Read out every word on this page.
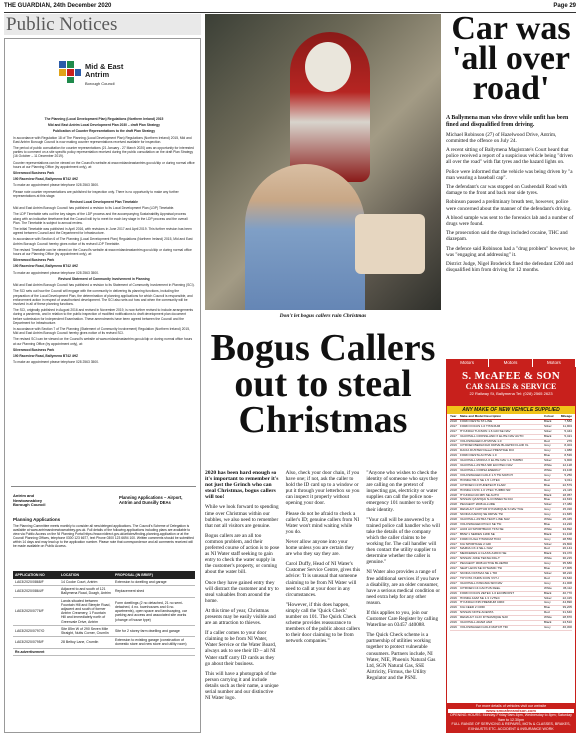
THE GUARDIAN, 24th December 2020	Page 29
Public Notices
Mid & East
Antrim
Borough Council

The Planning (Local Development Plan) Regulations (Northern Ireland) 2015

Mid and East Antrim Local Development Plan 2030 – draft Plan Strategy

Publication of Counter Representations to the draft Plan Strategy

In accordance with Regulation 18 of The Planning (Local Development Plan) Regulations (Northern Ireland) 2015, Mid and East Antrim Borough Council is now making counter representations received available for inspection.

The period of public consultation for counter representations (21 January - 27 March 2020) was an opportunity for interested parties to comment on a site specific policy representation received during the public consultation on the draft Plan Strategy (16 October – 11 December 2019).

Counter representations can be viewed on the Council's website at www.midandeastantrim.gov.uk/ldp or during normal office hours at our Planning Office (by appointment only), at:

Silverwood Business Park

190 Raceview Road, Ballymena BT42 4HZ

To make an appointment please telephone 028 2563 3500.

Please note counter representations are published for inspection only. There is no opportunity to make any further representations at this stage.

Revised Local Development Plan Timetable

Mid and East Antrim Borough Council has published a revision to its Local Development Plan (LDP) Timetable.

The LDP Timetable sets out the key stages of the LDP process and the accompanying Sustainability Appraisal process along with an indicative timeframe that the Council will try to meet for each key stage in the LDP process and the overall Plan. The Timetable is subject to annual review.

The initial Timetable was published in April 2016, with revisions in June 2017 and April 2019. This further revision has been agreed between Council and the Department for Infrastructure.

In accordance with Section 6 of The Planning (Local Development Plan) Regulations (Northern Ireland) 2015, Mid and East Antrim Borough Council hereby gives notice of its revised LDP Timetable.

The revised Timetable can be viewed on the Council's website at www.midandeastantrim.gov.uk/ldp or during normal office hours at our Planning Office (by appointment only), at:

Silverwood Business Park

190 Raceview Road, Ballymena BT42 4HZ

To make an appointment please telephone 028 2563 3500.

Revised Statement of Community Involvement in Planning

Mid and East Antrim Borough Council has published a revision to its Statement of Community Involvement in Planning (SCI).

The SCI sets out how the Council will engage with the community in delivering its planning functions, including the preparation of the Local Development Plan, the determination of planning applications for which Council is responsible, and enforcement action in respect of unauthorised development. The SCI also sets out how and when the community will be involved in all of these planning functions.

The SCI, originally published in August 2016 and revised in November 2019, is now further revised to include arrangements during a pandemic, and in relation to the public inspection of modified notifications to draft development plan document before submission for Independent Examination. These amendments have been agreed between the Council and the Department for Infrastructure.

In accordance with Section 7 of The Planning (Statement of Community Involvement) Regulation (Northern Ireland) 2015, Mid and East Antrim Borough Council hereby gives notice of its revised SCI.

The revised SCI can be viewed on the Council's website at www.midandeastantrim.gov.uk/ldp or during normal office hours at our Planning Office (by appointment only), at:

Silverwood Business Park

190 Raceview Road, Ballymena BT42 4HZ

To make an appointment please telephone 028 2563 3500.

Antrim and
Newtownabbey
Borough Council
Planning Applications – Airport, Antrim and Dunsilly DEAs
Planning Applications
The Planning Committee meets monthly to consider all new/deleged applications. The Council's Scheme of Delegation is available at www.antrimandnewtownabbey.gov.uk. Full details of the following applications including plans are available to view via Public Access on the NI Planning Portal https://www.nidirect.gov.uk/articles/finding-planning-application or at the Council Planning Offices, telephone 0300 123 6677, text Phone 0300 123 6694 100. Written comments should be submitted within 14 days and may lead up to the application number. Please note that correspondence and all comments received will be made available on Public Access.
APPLICATION NO	LOCATION	PROPOSAL (IN BRIEF)
LA03/2020/0868/F	14 Cooke Court, Antrim	Extension to dwelling and garage
LA03/2020/0864/F	Adjacent to and south of 121 Ballymena Road, Doagh, Antrim	Replacement shed
LA03/2020/0776/F	Lands situated between Fountain Hill and Steeple Road, adjacent and south of former Antrim Creamery, 1 Fountain Hill and immediately north of Greenvale Drive, Antrim	Form dwellings (2 no detached, 21 no semi-detached, 4 no. townhouses and 6 no. apartments), open space and landscaping, car parking and access and associated site works (change of house type)
LA03/2020/0797/O	Site 85m W of 290 Seven Mile Straight, Nutts Corner, Crumlin	Site for 2 storey farm dwelling and garage
LA03/2020/0795/F	28 Beltoy Lane, Crumlin	Extension to existing garage (construction of domestic store and new store and utility room)
Re-advertisement		
Don't let bogus callers ruin Christmas
Bogus Callers
out to steal
Christmas

2020 has been hard enough so it's important to remember it's not just the Grinch who can steal Christmas, bogus callers will too!

While we look forward to spending time over Christmas within our bubbles, we also need to remember that not all visitors are genuine.

Bogus callers are an all too common problem, and their preferred course of action is to pose as NI Water staff seeking to gain entry to check the water supply in the customer's property, or coming about the water bill.

Once they have gained entry they will distract the customer and try to steal valuables from around the home.

At this time of year, Christmas presents may be easily visible and are an attraction to thieves.

If a caller comes to your door claiming to be from NI Water, Water Service or the Water Board, always ask to see their ID – all NI Water staff carry ID cards as they go about their business.

This will have a photograph of the person carrying it and include details such as their name, a unique serial number and our distinctive NI Water logo.

Also, check your door chain, if you have one; if not, ask the caller to hold the ID card up to a window or put it through your letterbox so you can inspect it properly without opening your door.

Please do not be afraid to check a caller's ID; genuine callers from NI Water won't mind waiting while you do.

Never allow anyone into your home unless you are certain they are who they say they are.

Carol Duffy, Head of NI Water's Customer Service Centre, gives this advice: 'It is unusual that someone claiming to be from NI Water will need to call at your door in any circumstances.

"However, if this does happen, simply call the 'Quick Check' number on 101. The Quick Check scheme provides reassurance to members of the public about callers to their door claiming to be from network companies."

"Anyone who wishes to check the identity of someone who says they are calling on the pretext of inspecting gas, electricity or water supplies can call the police non-emergency 101 number to verify their identity.

"Your call will be answered by a trained police call handler who will take the details of the company which the caller claims to be working for. The call handler will then contact the utility supplier to determine whether the caller is genuine."

NI Water also provides a range of free additional services if you have a disability, are an older consumer, have a serious medical condition or need extra help for any other reason.

If this applies to you, join our Customer Care Register by calling Waterline on 03457 440088.

The Quick Check scheme is a partnership of utilities working together to protect vulnerable consumers. Partners include, NI Water, NIE, Phoenix Natural Gas Ltd, SGN Natural Gas, SSE Airtricity, Firmus, the Utility Regulator and the PSNI.

Car was
'all over
road'

A Ballymena man who drove while unfit has been fined and disqualified from driving.

Michael Robinson (27) of Hazelwood Drive, Antrim, committed the offence on July 24.

A recent sitting of Ballymena Magistrate's Court heard that police received a report of a suspicious vehicle being "driven all over the road" with flat tyres and the hazard lights on.

Police were informed that the vehicle was being driven by "a man wearing a baseball cap".

The defendant's car was stopped on Cushendall Road with damage to the front and back rear side tyres.

Robinson passed a preliminary breath test, however, police were concerned about the manner of the defendant's driving.

A blood sample was sent to the forensics lab and a number of drugs were found.

The prosecution said the drugs included cocaine, THC and diazepam.

The defence said Robinson had a "drug problem" however, he was "engaging and addressing" it.

District Judge, Nigel Broderick fined the defendant £200 and disqualified him from driving for 12 months.

Motors	Motors	Motors
S. McAFEE & SON
CAR SALES & SERVICE
22 Railway St, Ballymena Tel: (028) 2565 2623
ANY MAKE OF NEW VEHICLE SUPPLIED
Year	Make and Model Description	Colour	Mileage
2018	FORD FIESTA ST-LINE	Black	7,582
2017	FORD FOCUS 1.0 TITANIUM	Silver	11,904
2017	HYUNDAI TUCSON 1.6 GDI SE NAV	Silver	5,444
2017	VAUXHALL CROSSLAND X ELITE NAV AUTO	Black	5,421
2017	VOLKSWAGEN UP MOVE 1.0	Red	276
2019	CITROEN BERLINGO DRIVE BLUEHDI FLAIR XL	Grey	8,404
2019	DACIA DUSTER Diesel PRESTIGE DCI	Grey	1,988
2019	FORD FIESTA ACTIVE 1.0	Blue	8,536
2019	VAUXHALL MOKKA X ELITE NAV 1.4 TURBO	Silver	9,900
2019	VAUXHALL ASTRA SRI ECOTEC NAV	White	12,128
2019	VAUXHALL CORSA ENERGY	White	13,108
2019	VOLKSWAGEN GOLF 1.5 TSI MATCH	Grey	5,250
2019	HONDA HR-V SE 1.5 I-VTEC	Red	9,011
2018	CITROEN C3 PURETECH FLAIR	Blue	22,579
2018	HONDA CIVIC 1.0 VTEC TURBO SR	Grey	21,115
2018	HYUNDAI I20 MPI SE AUTO	Black	18,057
2018	NISSAN QASHQAI N-CONNECTA DCI	Blue	24,633
2018	PEUGEOT 2008 ALLURE	Silver	17,480
2018	RENAULT CAPTUR DYNAMIQUE S NAV TCE	Grey	15,320
2018	SKODA KAROQ SE DRIVE TSI	Grey	21,845
2018	VAUXHALL ASTRA TECH LINE NAV	White	25,445
2018	VOLKSWAGEN POLO SE TSI	Blue	14,220
2017	AUDI A3 SPORTBACK TFSI SE	White	34,892
2017	BMW 1 SERIES 118D SE	Black	31,108
2017	FORD KUGA TITANIUM TDCI	Grey	28,550
2017	KIA SPORTAGE 2 GDI	Silver	29,800
2017	MAZDA CX-3 SE-L NAV	Red	26,144
2017	MERCEDES A CLASS A180 D SE	Black	33,470
2017	NISSAN JUKE TEKNA DIG-T	White	30,215
2017	PEUGEOT 3008 ACTIVE BLUEHDI	Grey	35,680
2017	SEAT LEON SE DYNAMIC TSI	Blue	27,905
2017	SKODA OCTAVIA SE L TDI	Silver	38,220
2017	TOYOTA YARIS ICON VVT-I	Red	19,640
2017	VAUXHALL INSIGNIA SRI NAV	Grey	41,008
2016	CITROEN C4 CACTUS FEEL	White	36,112
2016	FORD FOCUS ZETEC 1.0 ECOBOOST	Black	40,770
2016	HONDA JAZZ SE 1.3 I-VTEC	Silver	22,415
2016	HYUNDAI IX35 PREMIUM CRDI	Grey	44,890
2016	KIA CEED 2 CRDI	Blue	39,205
2016	NISSAN NOTE ACENTA	Red	31,640
2016	RENAULT CLIO DYNAMIQUE NAV	White	28,870
2016	VAUXHALL ADAM JAM	Black	24,510
2016	VOLKSWAGEN GOLF MATCH TDI	Grey	46,300
For more details of vehicles visit our website
www.smcafeeandson.com
OPENING HOURS: Monday-Friday 9am-6pm, Wednesday to 8pm; Saturday 9am to 12.30pm
FULL RANGE OF SERVICING & REPAIRS, MOTs & CLASSES, BRAKES, EXHAUSTS ETC. ACCIDENT & INSURANCE WORK
